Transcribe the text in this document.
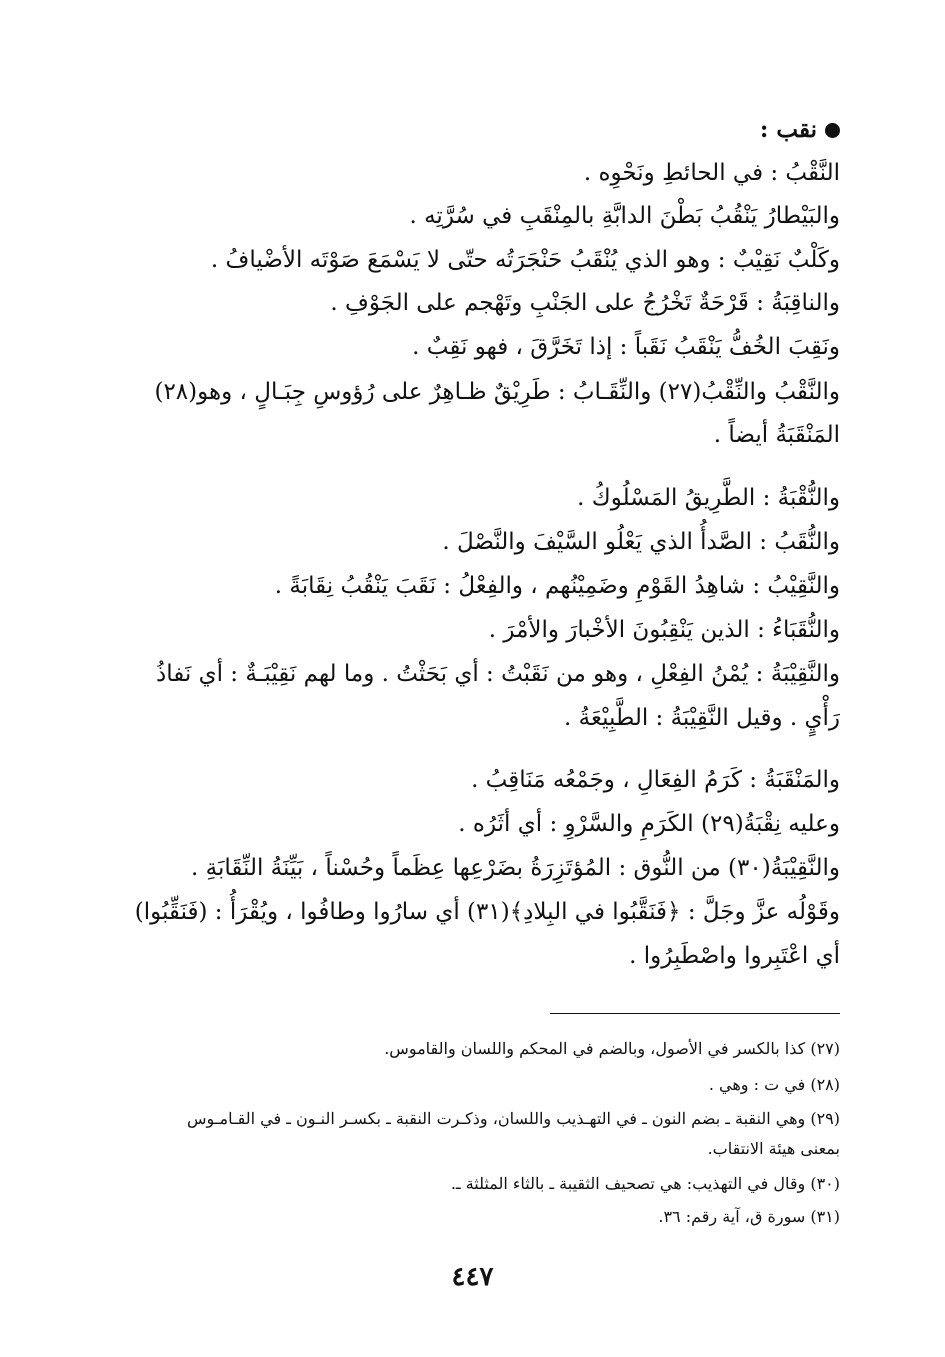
نقب :
النَّقْبُ : في الحائطِ ونَحْوِه .
والبَيْطارُ يَنْقُبُ بَطْنَ الدابَّةِ بالمِنْقَبِ في سُرَّتِه .
وكَلْبٌ نَقِيْبٌ : وهو الذي يُنْقَبُ حَنْجَرَتُه حتّى لا يَسْمَعَ صَوْتَه الأضْيافُ .
والناقِبَةُ : قَرْحَةٌ تَخْرُجُ على الجَنْبِ وتَهْجم على الجَوْفِ .
ونَقِبَ الخُفُّ يَنْقَبُ نَقَباً : إذا تَخَرَّقَ ، فهو نَقِبٌ .
والنَّقْبُ والنِّقْبُ(٢٧) والنِّقَـابُ : طَرِيْقٌ ظـاهِرٌ على رُؤوسِ جِبَـالٍ ، وهو(٢٨)
المَنْقَبَةُ أيضاً .
والنُّقْبَةُ : الطَّرِيقُ المَسْلُوكُ .
والنُّقَبُ : الصَّدأُ الذي يَعْلُو السَّيْفَ والنَّصْلَ .
والنَّقِيْبُ : شاهِدُ القَوْمِ وضَمِيْنُهم ، والفِعْلُ : نَقَبَ يَنْقُبُ نِقَابَةً .
والنُّقَبَاءُ : الذين يَنْقِبُونَ الأخْبارَ والأمْرَ .
والنَّقِيْبَةُ : يُمْنُ الفِعْلِ ، وهو من نَقَبْتُ : أي بَحَثْتُ . وما لهم نَقِيْبَـةٌ : أي نَفاذُ
رَأْيٍ . وقيل النَّقِيْبَةُ : الطَّبِيْعَةُ .
والمَنْقَبَةُ : كَرَمُ الفِعَالِ ، وجَمْعُه مَنَاقِبُ .
وعليه نِقْبَةُ(٢٩) الكَرَمِ والسَّرْوِ : أي أثَرُه .
والنَّقِيْبَةُ(٣٠) من النُّوق : المُؤتَزِرَةُ بضَرْعِها عِظَماً وحُسْناً ، بَيِّنَةُ النِّقَابَةِ .
وقَوْلُه عزَّ وجَلَّ : ﴿فَنَقَّبُوا في البِلادِ﴾(٣١) أي سارُوا وطافُوا ، ويُقْرَأُ : (فَنَقِّبُوا)
أي اعْتَبِروا واصْطَبِرُوا .
(٢٧) كذا بالكسر في الأصول، وبالضم في المحكم واللسان والقاموس.
(٢٨) في ت : وهي .
(٢٩) وهي النقبة ـ بضم النون ـ في التهـذيب واللسان، وذكـرت النقبة ـ بكسـر النـون ـ في القـامـوس
بمعنى هيئة الانتقاب.
(٣٠) وقال في التهذيب: هي تصحيف الثقيبة ـ بالثاء المثلثة ـ.
(٣١) سورة ق، آية رقم: ٣٦.
٤٤٧
